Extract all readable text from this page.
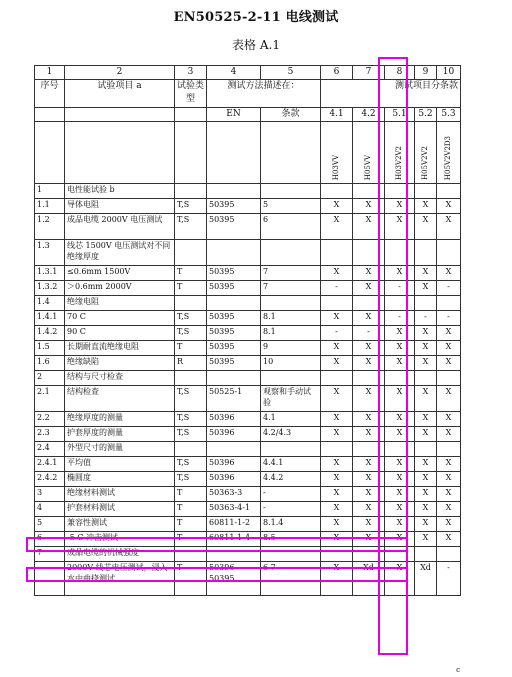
EN50525-2-11 电线测试
表格 A.1
1	2	3	4	5	6	7	8	9	10
序号	试验项目 a	试验类型	测试方法描述在：		测试项目分条款				
			EN	条款	4.1	4.2	5.1	5.2	5.3
					H03VV	H05VV	H03V2V2	H05V2V2	H05V2V2D3
1	电性能试验 b								
1.1	导体电阻	T,S	50395	5	X	X	X	X	X
1.2	成品电缆 2000V 电压测试	T,S	50395	6	X	X	X	X	X
1.3	线芯 1500V 电压测试对不同绝缘厚度								
1.3.1	≤0.6mm 1500V	T	50395	7	X	X	X	X	X
1.3.2	＞0.6mm 2000V	T	50395	7	-	X	-	X	-
1.4	绝缘电阻								
1.4.1	70 C	T,S	50395	8.1	X	X	-	-	-
1.4.2	90 C	T,S	50395	8.1	-	-	X	X	X
1.5	长期耐直流绝缘电阻	T	50395	9	X	X	X	X	X
1.6	绝缘缺陷	R	50395	10	X	X	X	X	X
2	结构与尺寸检查								
2.1	结构检查	T,S	50525-1	观察和手动试验	X	X	X	X	X
2.2	绝缘厚度的测量	T,S	50396	4.1	X	X	X	X	X
2.3	护套厚度的测量	T,S	50396	4.2/4.3	X	X	X	X	X
2.4	外型尺寸的测量								
2.4.1	平均值	T,S	50396	4.4.1	X	X	X	X	X
2.4.2	椭圆度	T,S	50396	4.4.2	X	X	X	X	X
3	绝缘材料测试	T	50363-3	-	X	X	X	X	X
4	护套材料测试	T	50363-4-1	-	X	X	X	X	X
5	兼容性测试	T	60811-1-2	8.1.4	X	X	X	X	X
6	-5 C 冲击测试	T	60811-1-4	8.5	X	X	X	X	X
7	成品电缆的机械强度								
	2000V 线芯电压测试，浸入水中曲挠测试	T	50396 50395	6 7	X	Xd	X	Xd	-
c
